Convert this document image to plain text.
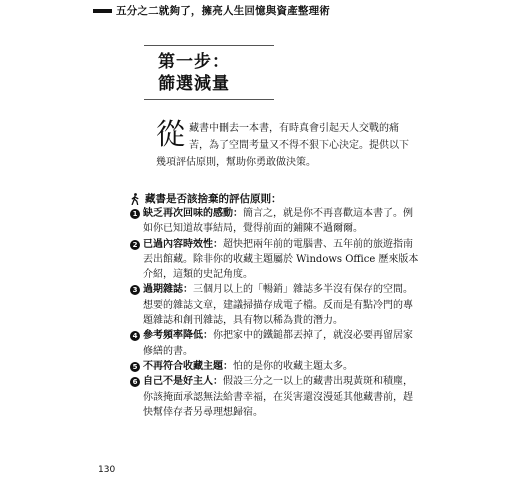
五分之二就夠了，擁亮人生回憶與資產整理術
第一步：
篩選減量
從 藏書中刪去一本書，有時真會引起天人交戰的痛苦，為了空間考量又不得不狠下心決定。提供以下幾項評估原則，幫助你勇敢做決策。
藏書是否該捨棄的評估原則：
1 缺乏再次回味的感動：簡言之，就是你不再喜歡這本書了。例如你已知道故事結局，覺得前面的鋪陳不過爾爾。
2 已過內容時效性：超快把兩年前的電腦書、五年前的旅遊指南丟出館藏。除非你的收藏主題屬於 Windows Office 歷來版本介紹，這類的史記角度。
3 過期雜誌：三個月以上的「暢銷」雜誌多半沒有保存的空間。想要的雜誌文章，建議掃描存成電子檔。反而是有點冷門的專題雜誌和創刊雜誌，具有物以稀為貴的潛力。
4 參考頻率降低：你把家中的鐵鎚都丟掉了，就沒必要再留居家修繕的書。
5 不再符合收藏主題：怕的是你的收藏主題太多。
6 自己不是好主人：假設三分之一以上的藏書出現黃斑和積塵，你該掩面承認無法給書幸福，在災害還沒漫延其他藏書前，趕快幫倖存者另尋理想歸宿。
130
